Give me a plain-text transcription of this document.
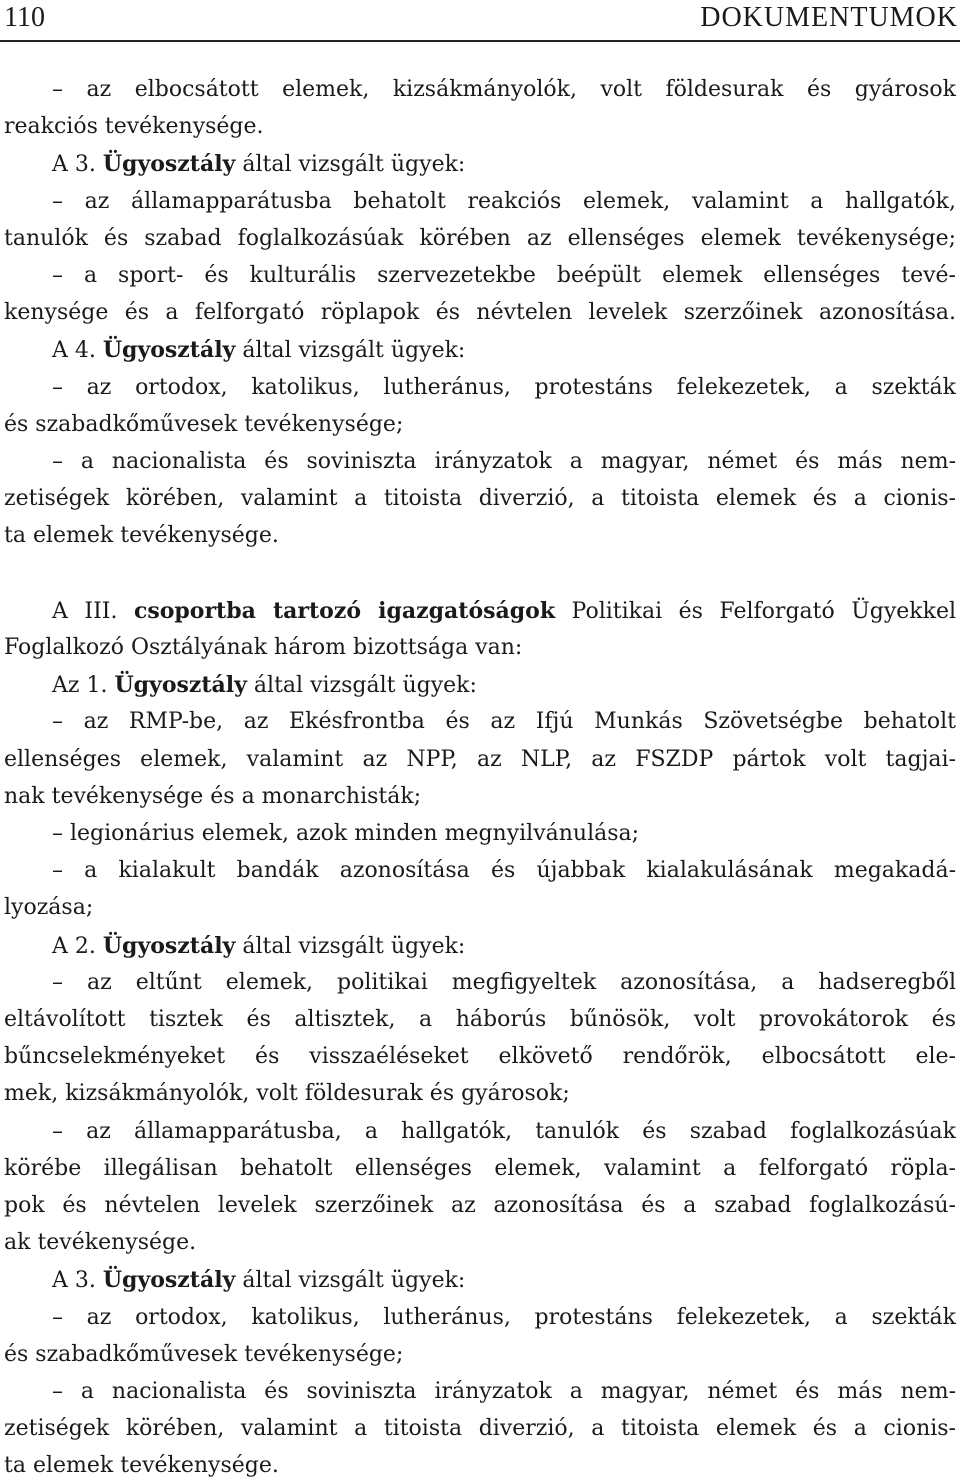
110	DOKUMENTUMOK
– az elbocsátott elemek, kizsákmányolók, volt földesurak és gyárosok
reakciós tevékenysége.
A 3. Ügyosztály által vizsgált ügyek:
– az államapparátusba behatolt reakciós elemek, valamint a hallgatók,
tanulók és szabad foglalkozásúak körében az ellenséges elemek tevékenysége;
– a sport- és kulturális szervezetekbe beépült elemek ellenséges tevé-
kenysége és a felforgató röplapok és névtelen levelek szerzőinek azonosítása.
A 4. Ügyosztály által vizsgált ügyek:
– az ortodox, katolikus, lutheránus, protestáns felekezetek, a szekták
és szabadkőművesek tevékenysége;
– a nacionalista és soviniszta irányzatok a magyar, német és más nem-
zetiségek körében, valamint a titoista diverzió, a titoista elemek és a cionis-
ta elemek tevékenysége.
A III. csoportba tartozó igazgatóságok Politikai és Felforgató Ügyekkel
Foglalkozó Osztályának három bizottsága van:
Az 1. Ügyosztály által vizsgált ügyek:
– az RMP-be, az Ekésfrontba és az Ifjú Munkás Szövetségbe behatolt
ellenséges elemek, valamint az NPP, az NLP, az FSZDP pártok volt tagjai-
nak tevékenysége és a monarchisták;
– legionárius elemek, azok minden megnyilvánulása;
– a kialakult bandák azonosítása és újabbak kialakulásának megakadá-
lyozása;
A 2. Ügyosztály által vizsgált ügyek:
– az eltűnt elemek, politikai megfigyeltek azonosítása, a hadseregből
eltávolított tisztek és altisztek, a háborús bűnösök, volt provokátorok és
bűncselekményeket és visszaéléseket elkövető rendőrök, elbocsátott ele-
mek, kizsákmányolók, volt földesurak és gyárosok;
– az államapparátusba, a hallgatók, tanulók és szabad foglalkozásúak
körébe illegálisan behatolt ellenséges elemek, valamint a felforgató röpla-
pok és névtelen levelek szerzőinek az azonosítása és a szabad foglalkozású-
ak tevékenysége.
A 3. Ügyosztály által vizsgált ügyek:
– az ortodox, katolikus, lutheránus, protestáns felekezetek, a szekták
és szabadkőművesek tevékenysége;
– a nacionalista és soviniszta irányzatok a magyar, német és más nem-
zetiségek körében, valamint a titoista diverzió, a titoista elemek és a cionis-
ta elemek tevékenysége.
